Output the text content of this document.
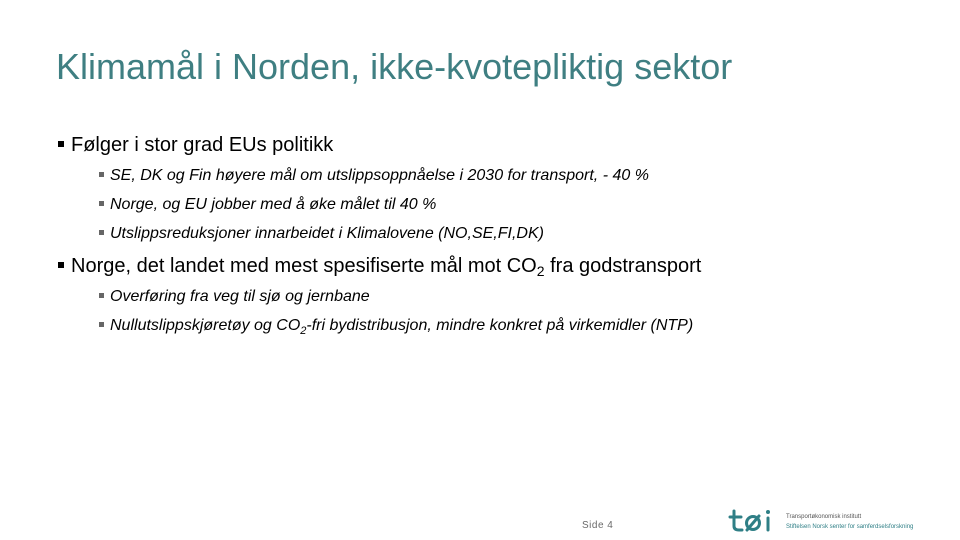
Klimamål i Norden, ikke-kvotepliktig sektor
Følger i stor grad EUs politikk
SE, DK og Fin høyere mål om utslippsoppnåelse i 2030 for transport, - 40 %
Norge, og EU jobber med å øke målet til 40 %
Utslippsreduksjoner innarbeidet i Klimalovene (NO,SE,FI,DK)
Norge, det landet med mest spesifiserte mål mot $CO_2$ fra godstransport
Overføring fra veg til sjø og jernbane
Nullutslippskjøretøy og $CO_2$-fri bydistribusjon, mindre konkret på virkemidler (NTP)
Side 4
Transportøkonomisk institutt
Stiftelsen Norsk senter for samferdselsforskning
